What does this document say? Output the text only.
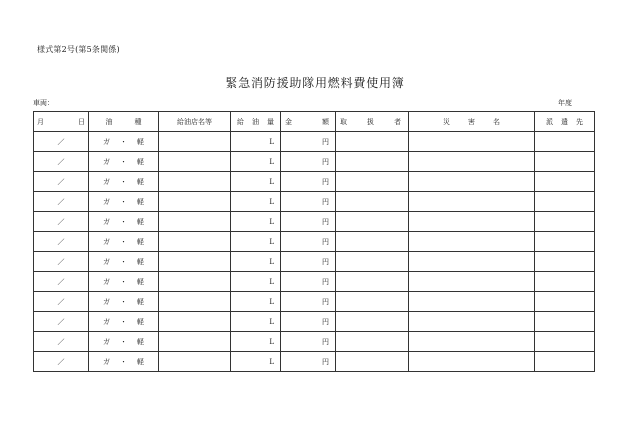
様式第2号(第5条関係)
緊急消防援助隊用燃料費使用簿
車両：	年度
月 日	油 種	給油店名等	給 油 量	金 額	取 扱 者	災 害 名	派 遣 先
／	ガ ・ 軽		L	円			
／	ガ ・ 軽		L	円			
／	ガ ・ 軽		L	円			
／	ガ ・ 軽		L	円			
／	ガ ・ 軽		L	円			
／	ガ ・ 軽		L	円			
／	ガ ・ 軽		L	円			
／	ガ ・ 軽		L	円			
／	ガ ・ 軽		L	円			
／	ガ ・ 軽		L	円			
／	ガ ・ 軽		L	円			
／	ガ ・ 軽		L	円			
